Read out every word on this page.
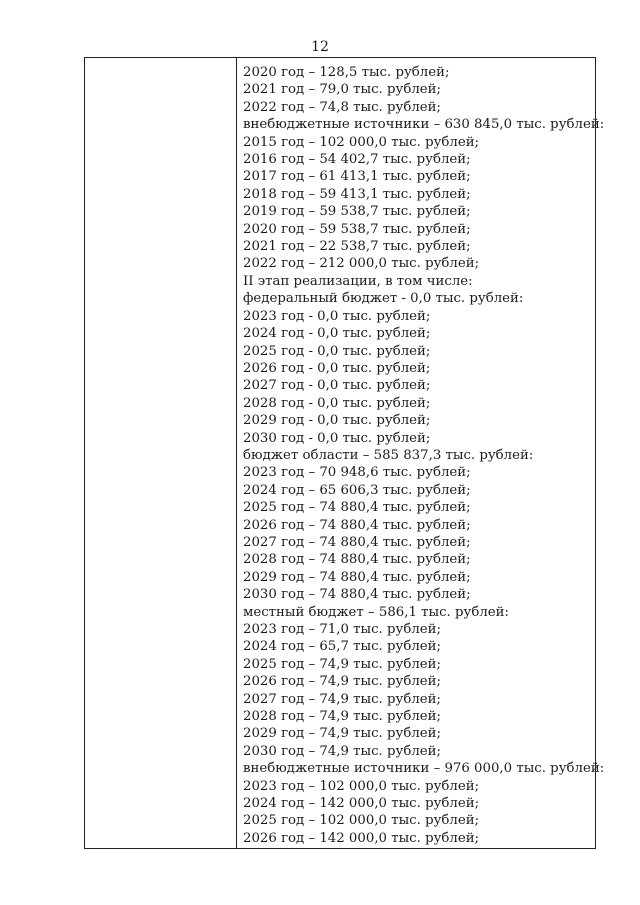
12
2020 год – 128,5 тыс. рублей;
2021 год – 79,0 тыс. рублей;
2022 год – 74,8 тыс. рублей;
внебюджетные источники – 630 845,0 тыс. рублей:
2015 год – 102 000,0 тыс. рублей;
2016 год – 54 402,7 тыс. рублей;
2017 год – 61 413,1 тыс. рублей;
2018 год – 59 413,1 тыс. рублей;
2019 год – 59 538,7 тыс. рублей;
2020 год – 59 538,7 тыс. рублей;
2021 год – 22 538,7 тыс. рублей;
2022 год – 212 000,0 тыс. рублей;
II этап реализации, в том числе:
федеральный бюджет - 0,0 тыс. рублей:
2023 год - 0,0 тыс. рублей;
2024 год - 0,0 тыс. рублей;
2025 год - 0,0 тыс. рублей;
2026 год - 0,0 тыс. рублей;
2027 год - 0,0 тыс. рублей;
2028 год - 0,0 тыс. рублей;
2029 год - 0,0 тыс. рублей;
2030 год - 0,0 тыс. рублей;
бюджет области – 585 837,3 тыс. рублей:
2023 год – 70 948,6 тыс. рублей;
2024 год – 65 606,3 тыс. рублей;
2025 год – 74 880,4 тыс. рублей;
2026 год – 74 880,4 тыс. рублей;
2027 год – 74 880,4 тыс. рублей;
2028 год – 74 880,4 тыс. рублей;
2029 год – 74 880,4 тыс. рублей;
2030 год – 74 880,4 тыс. рублей;
местный бюджет – 586,1 тыс. рублей:
2023 год – 71,0 тыс. рублей;
2024 год – 65,7 тыс. рублей;
2025 год – 74,9 тыс. рублей;
2026 год – 74,9 тыс. рублей;
2027 год – 74,9 тыс. рублей;
2028 год – 74,9 тыс. рублей;
2029 год – 74,9 тыс. рублей;
2030 год – 74,9 тыс. рублей;
внебюджетные источники – 976 000,0 тыс. рублей:
2023 год – 102 000,0 тыс. рублей;
2024 год – 142 000,0 тыс. рублей;
2025 год – 102 000,0 тыс. рублей;
2026 год – 142 000,0 тыс. рублей;
